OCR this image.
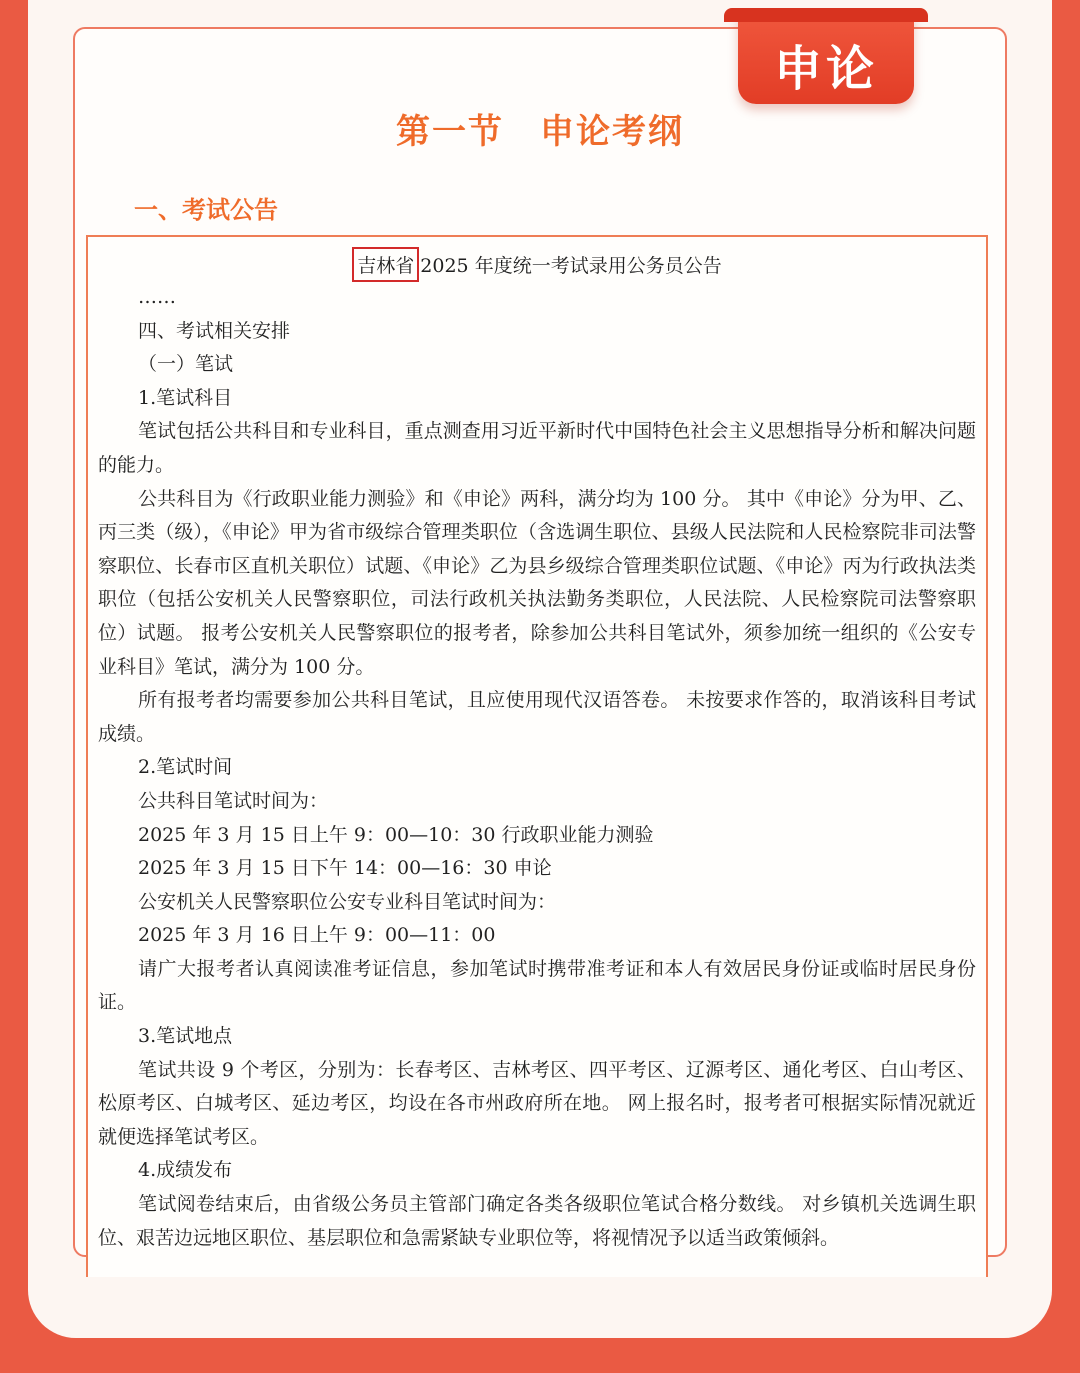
申论
第一节　申论考纲
一、考试公告
吉林省 2025 年度统一考试录用公务员公告

……

四、考试相关安排

（一）笔试

1.笔试科目

笔试包括公共科目和专业科目，重点测查用习近平新时代中国特色社会主义思想指导分析和解决问题的能力。

公共科目为《行政职业能力测验》和《申论》两科，满分均为 100 分。 其中《申论》分为甲、乙、丙三类（级），《申论》甲为省市级综合管理类职位（含选调生职位、县级人民法院和人民检察院非司法警察职位、长春市区直机关职位）试题、《申论》乙为县乡级综合管理类职位试题、《申论》丙为行政执法类职位（包括公安机关人民警察职位，司法行政机关执法勤务类职位，人民法院、人民检察院司法警察职位）试题。 报考公安机关人民警察职位的报考者，除参加公共科目笔试外，须参加统一组织的《公安专业科目》笔试，满分为 100 分。

所有报考者均需要参加公共科目笔试，且应使用现代汉语答卷。 未按要求作答的，取消该科目考试成绩。

2.笔试时间

公共科目笔试时间为：

2025 年 3 月 15 日上午 9：00—10：30 行政职业能力测验

2025 年 3 月 15 日下午 14：00—16：30 申论

公安机关人民警察职位公安专业科目笔试时间为：

2025 年 3 月 16 日上午 9：00—11：00

请广大报考者认真阅读准考证信息，参加笔试时携带准考证和本人有效居民身份证或临时居民身份证。

3.笔试地点

笔试共设 9 个考区，分别为：长春考区、吉林考区、四平考区、辽源考区、通化考区、白山考区、松原考区、白城考区、延边考区，均设在各市州政府所在地。 网上报名时，报考者可根据实际情况就近就便选择笔试考区。

4.成绩发布

笔试阅卷结束后，由省级公务员主管部门确定各类各级职位笔试合格分数线。 对乡镇机关选调生职位、艰苦边远地区职位、基层职位和急需紧缺专业职位等，将视情况予以适当政策倾斜。
